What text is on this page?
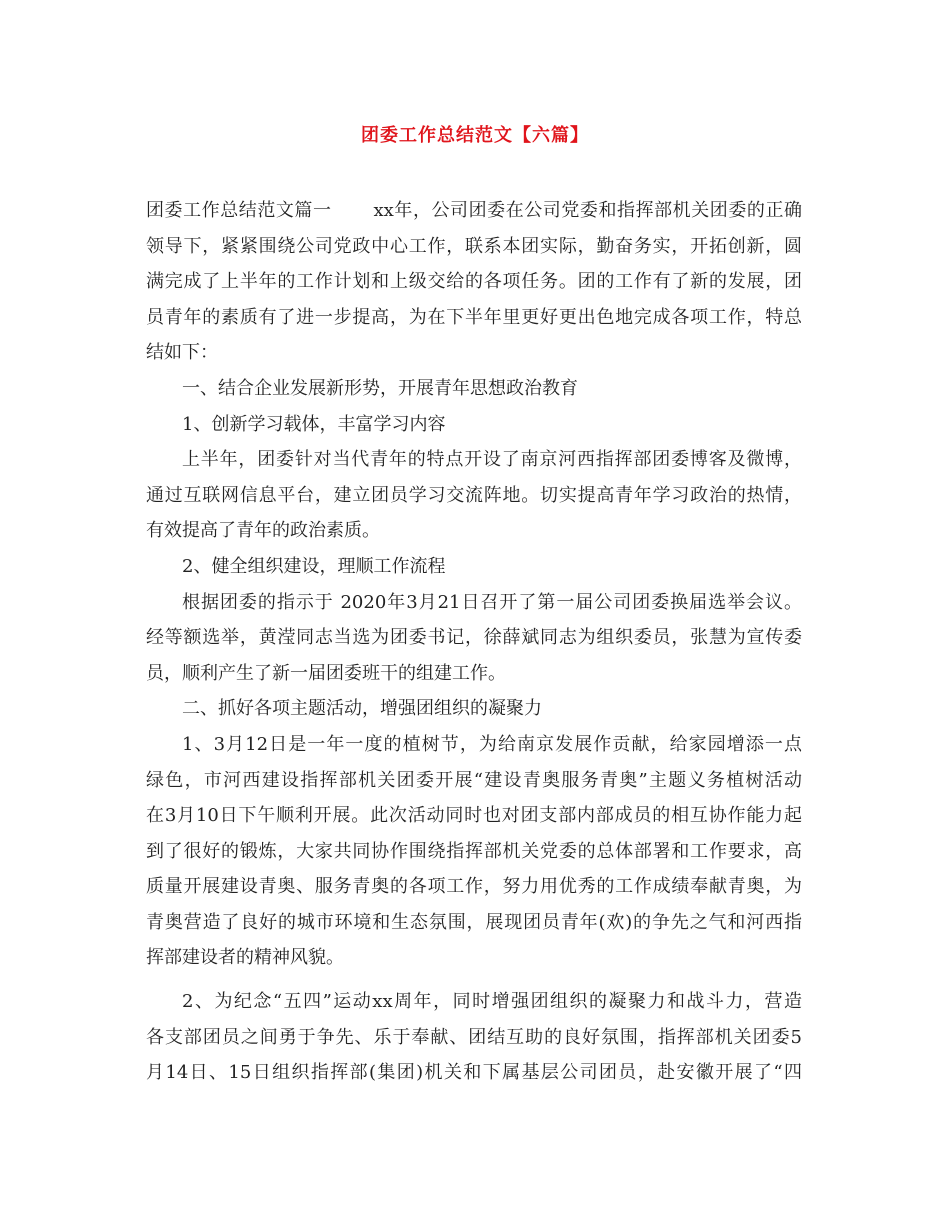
团委工作总结范文【六篇】
团委工作总结范文篇一 xx年，公司团委在公司党委和指挥部机关团委的正确
领导下，紧紧围绕公司党政中心工作，联系本团实际，勤奋务实，开拓创新，圆
满完成了上半年的工作计划和上级交给的各项任务。团的工作有了新的发展，团
员青年的素质有了进一步提高，为在下半年里更好更出色地完成各项工作，特总
结如下：
一、结合企业发展新形势，开展青年思想政治教育
1、创新学习载体，丰富学习内容
上半年，团委针对当代青年的特点开设了南京河西指挥部团委博客及微博，
通过互联网信息平台，建立团员学习交流阵地。切实提高青年学习政治的热情，
有效提高了青年的政治素质。
2、健全组织建设，理顺工作流程
根据团委的指示于 2020年3月21日召开了第一届公司团委换届选举会议。
经等额选举，黄滢同志当选为团委书记，徐薛斌同志为组织委员，张慧为宣传委
员，顺利产生了新一届团委班干的组建工作。
二、抓好各项主题活动，增强团组织的凝聚力
1、3月12日是一年一度的植树节，为给南京发展作贡献，给家园增添一点
绿色，市河西建设指挥部机关团委开展“建设青奥服务青奥”主题义务植树活动
在3月10日下午顺利开展。此次活动同时也对团支部内部成员的相互协作能力起
到了很好的锻炼，大家共同协作围绕指挥部机关党委的总体部署和工作要求，高
质量开展建设青奥、服务青奥的各项工作，努力用优秀的工作成绩奉献青奥，为
青奥营造了良好的城市环境和生态氛围，展现团员青年(欢)的争先之气和河西指
挥部建设者的精神风貌。
2、为纪念“五四”运动xx周年，同时增强团组织的凝聚力和战斗力，营造
各支部团员之间勇于争先、乐于奉献、团结互助的良好氛围，指挥部机关团委5
月14日、15日组织指挥部(集团)机关和下属基层公司团员，赴安徽开展了“四
